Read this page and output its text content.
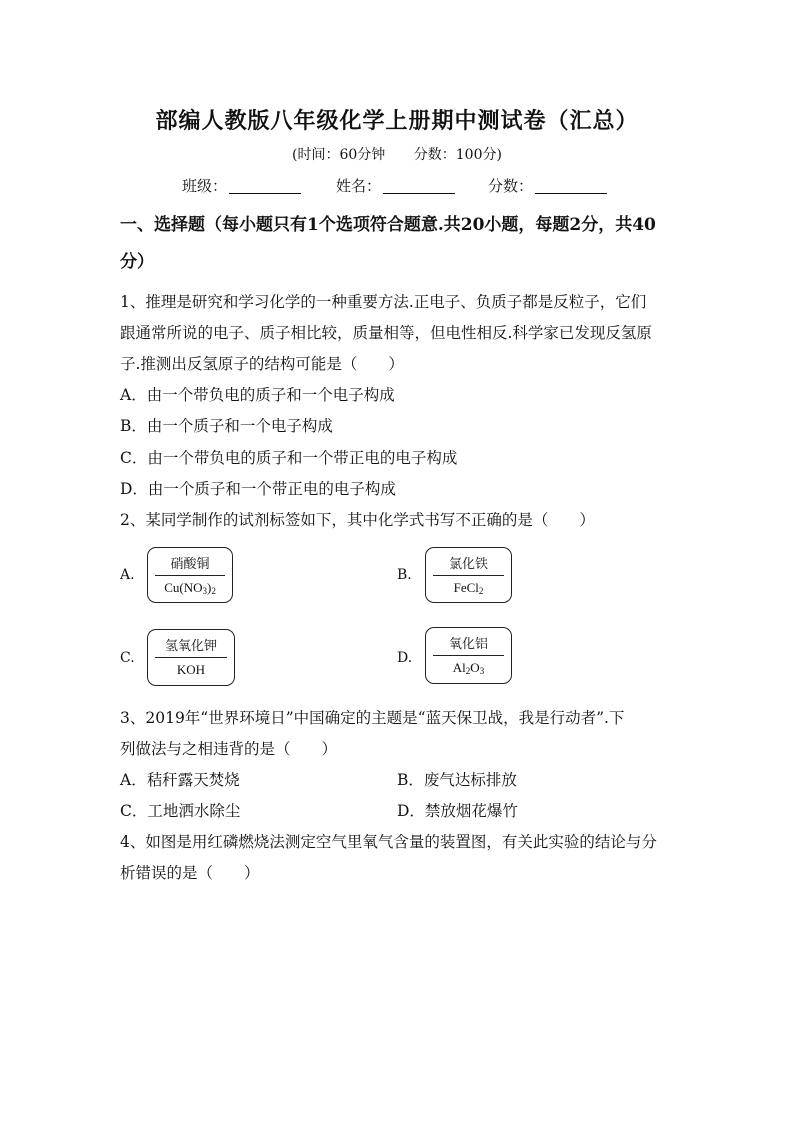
部编人教版八年级化学上册期中测试卷（汇总）
(时间：60分钟 分数：100分)
班级：	姓名：	分数：
一、选择题（每小题只有1个选项符合题意.共20小题，每题2分，共40分）
1、推理是研究和学习化学的一种重要方法.正电子、负质子都是反粒子，它们
跟通常所说的电子、质子相比较，质量相等，但电性相反.科学家已发现反氢原
子.推测出反氢原子的结构可能是（　　）
A．由一个带负电的质子和一个电子构成
B．由一个质子和一个电子构成
C．由一个带负电的质子和一个带正电的电子构成
D．由一个质子和一个带正电的电子构成
2、某同学制作的试剂标签如下，其中化学式书写不正确的是（　　）
A.
硝酸铜
$Cu(NO_3)_2$
B.
氯化铁
FeCl$_2$
C.
氢氧化钾
KOH
D.
氧化铝
$Al_2O_3$
3、2019年“世界环境日”中国确定的主题是“蓝天保卫战，我是行动者”.下
列做法与之相违背的是（　　）
A．秸秆露天焚烧	B．废气达标排放
C．工地洒水除尘	D．禁放烟花爆竹
4、如图是用红磷燃烧法测定空气里氧气含量的装置图，有关此实验的结论与分
析错误的是（　　）
